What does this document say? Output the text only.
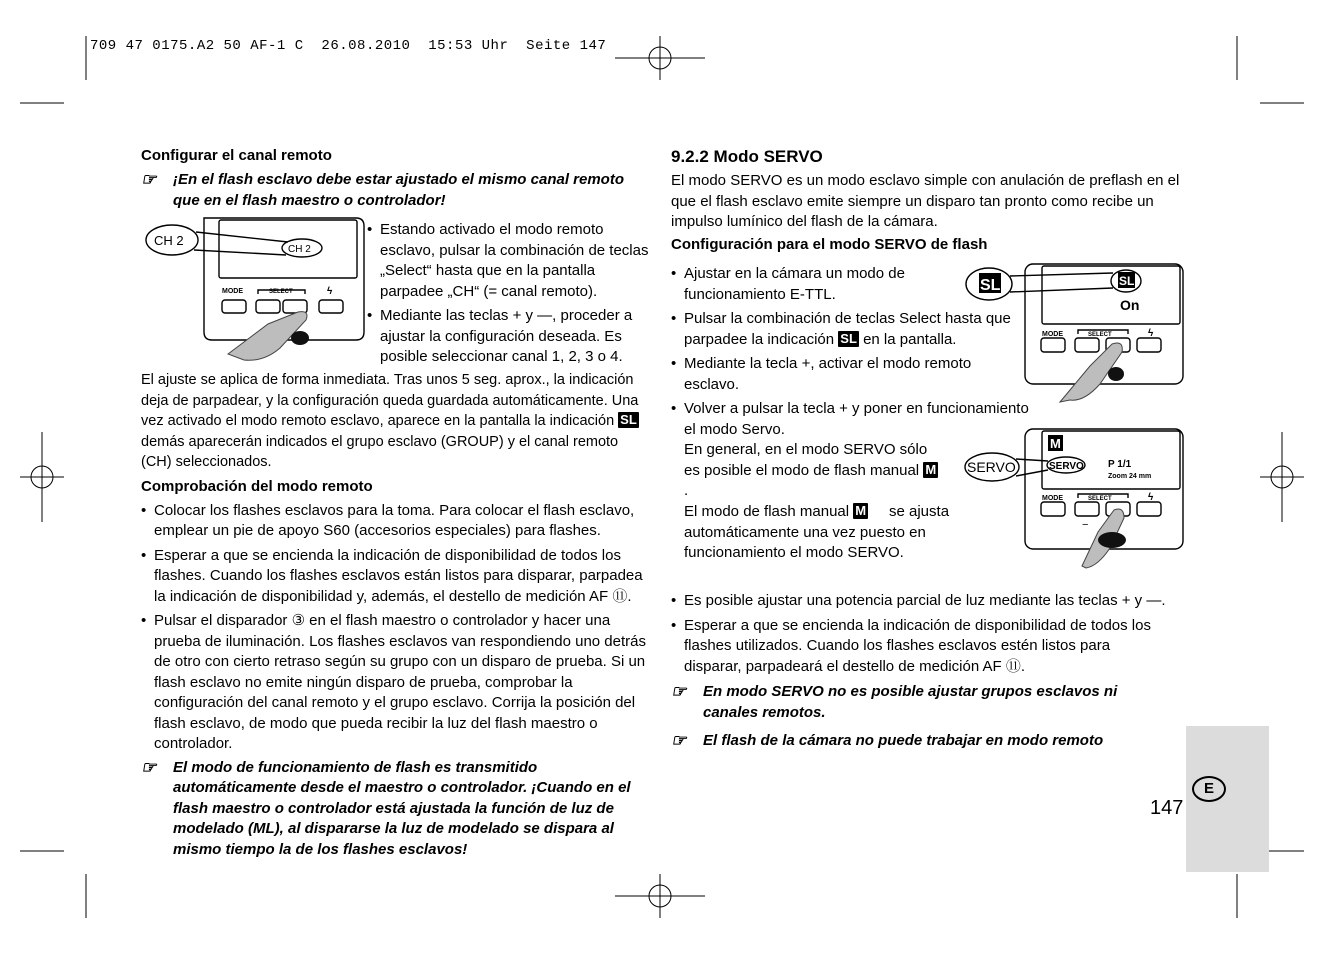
709 47 0175.A2 50 AF-1 C  26.08.2010  15:53 Uhr  Seite 147
Configurar el canal remoto
☞ ¡En el flash esclavo debe estar ajustado el mismo canal remoto que en el flash maestro o controlador!
CH 2
CH 2
MODE	SELECT	ϟ
• Estando activado el modo remoto esclavo, pulsar la combinación de teclas „Select“ hasta que en la pantalla parpadee „CH“ (= canal remoto).
• Mediante las teclas + y —, proceder a ajustar la configuración deseada. Es posible seleccionar canal 1, 2, 3 o 4.

El ajuste se aplica de forma inmediata. Tras unos 5 seg. aprox., la indicación deja de parpadear, y la configuración queda guardada automáticamente. Una vez activado el modo remoto esclavo, aparece en la pantalla la indicación SLdemás aparecerán indicados el grupo esclavo (GROUP) y el canal remoto (CH) seleccionados.

Comprobación del modo remoto
• Colocar los flashes esclavos para la toma. Para colocar el flash esclavo, emplear un pie de apoyo S60 (accesorios especiales) para flashes.
• Esperar a que se encienda la indicación de disponibilidad de todos los flashes. Cuando los flashes esclavos están listos para disparar, parpadea la indicación de disponibilidad y, además, el destello de medición AF ⑪.
• Pulsar el disparador ③ en el flash maestro o controlador y hacer una prueba de iluminación. Los flashes esclavos van respondiendo uno detrás de otro con cierto retraso según su grupo con un disparo de prueba. Si un flash esclavo no emite ningún disparo de prueba, comprobar la configuración del canal remoto y el grupo esclavo. Corrija la posición del flash esclavo, de modo que pueda recibir la luz del flash maestro o controlador.
☞ El modo de funcionamiento de flash es transmitido automáticamente desde el maestro o controlador. ¡Cuando en el flash maestro o controlador está ajustada la función de luz de modelado (ML), al dispararse la luz de modelado se dispara al mismo tiempo la de los flashes esclavos!
9.2.2 Modo SERVO

El modo SERVO es un modo esclavo simple con anulación de preflash en el que el flash esclavo emite siempre un disparo tan pronto como recibe un impulso lumínico del flash de la cámara.

Configuración para el modo SERVO de flash
• Ajustar en la cámara un modo de funcionamiento E-TTL.
• Pulsar la combinación de teclas Select hasta que parpadee la indicación SL en la pantalla.
• Mediante la tecla +, activar el modo remoto esclavo.
• Volver a pulsar la tecla + y poner en funcionamiento el modo Servo.
En general, en el modo SERVO sólo es posible el modo de flash manual M .
El modo de flash manual M	se ajusta automáticamente una vez puesto en funcionamiento el modo SERVO.
SL	SL
On
MODE	SELECT	ϟ
M
SERVO	SERVO P 1/1
Zoom 24 mm
MODE	SELECT	ϟ
−
• Es posible ajustar una potencia parcial de luz mediante las teclas + y —.
• Esperar a que se encienda la indicación de disponibilidad de todos los flashes utilizados. Cuando los flashes esclavos estén listos para disparar, parpadeará el destello de medición AF ⑪.
☞ En modo SERVO no es posible ajustar grupos esclavos ni canales remotos.
☞ El flash de la cámara no puede trabajar en modo remoto
E
147
